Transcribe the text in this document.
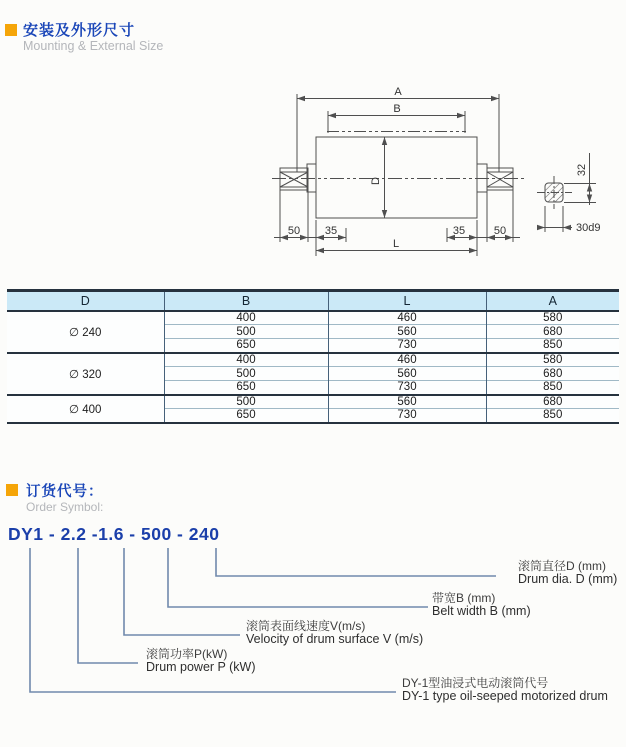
安装及外形尺寸
Mounting & External Size
A
B
D
L
50 35	35	50
32
30d9
D	B	L	A
∅ 240	400	460	580
	500	560	680
	650	730	850
∅ 320	400	460	580
	500	560	680
	650	730	850
∅ 400	500	560	680
	650	730	850
订货代号：
Order Symbol:
DY1 - 2.2 -1.6 - 500 - 240
滚筒直径D (mm)
Drum dia. D (mm)
带宽B (mm)
Belt width B (mm)
滚筒表面线速度V(m/s)
Velocity of drum surface V (m/s)
滚筒功率P(kW)
Drum power P (kW)
DY-1型油浸式电动滚筒代号
DY-1 type oil-seeped motorized drum
